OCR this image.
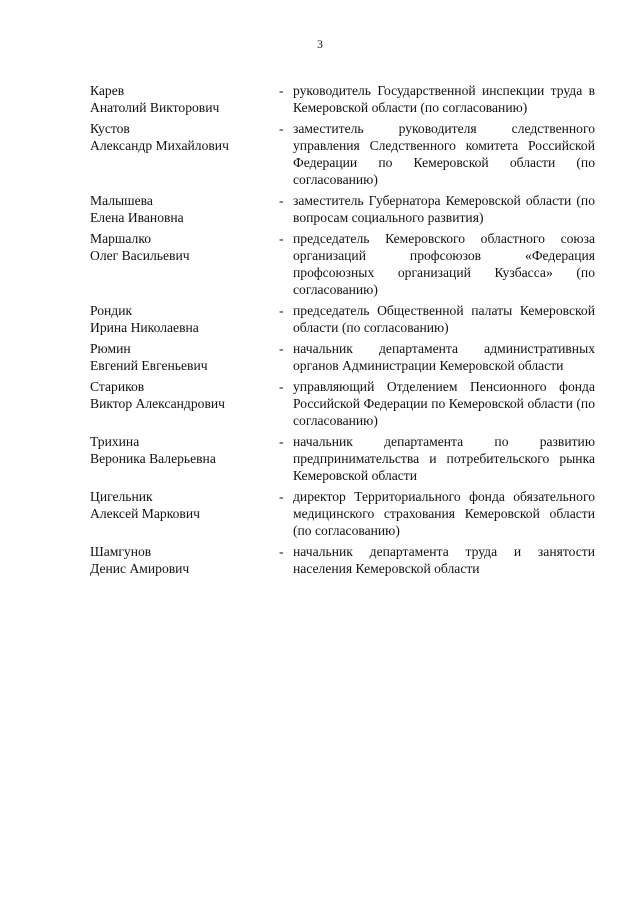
3
Карев
Анатолий Викторович
- руководитель Государственной инспекции труда в Кемеровской области (по согласованию)
Кустов
Александр Михайлович
- заместитель руководителя следственного управления Следственного комитета Российской Федерации по Кемеровской области (по согласованию)
Малышева
Елена Ивановна
- заместитель Губернатора Кемеровской области (по вопросам социального развития)
Маршалко
Олег Васильевич
- председатель Кемеровского областного союза организаций профсоюзов «Федерация профсоюзных организаций Кузбасса» (по согласованию)
Рондик
Ирина Николаевна
- председатель Общественной палаты Кемеровской области (по согласованию)
Рюмин
Евгений Евгеньевич
- начальник департамента административных органов Администрации Кемеровской области
Стариков
Виктор Александрович
- управляющий Отделением Пенсионного фонда Российской Федерации по Кемеровской области (по согласованию)
Трихина
Вероника Валерьевна
- начальник департамента по развитию предпринимательства и потребительского рынка Кемеровской области
Цигельник
Алексей Маркович
- директор Территориального фонда обязательного медицинского страхования Кемеровской области (по согласованию)
Шамгунов
Денис Амирович
- начальник департамента труда и занятости населения Кемеровской области
